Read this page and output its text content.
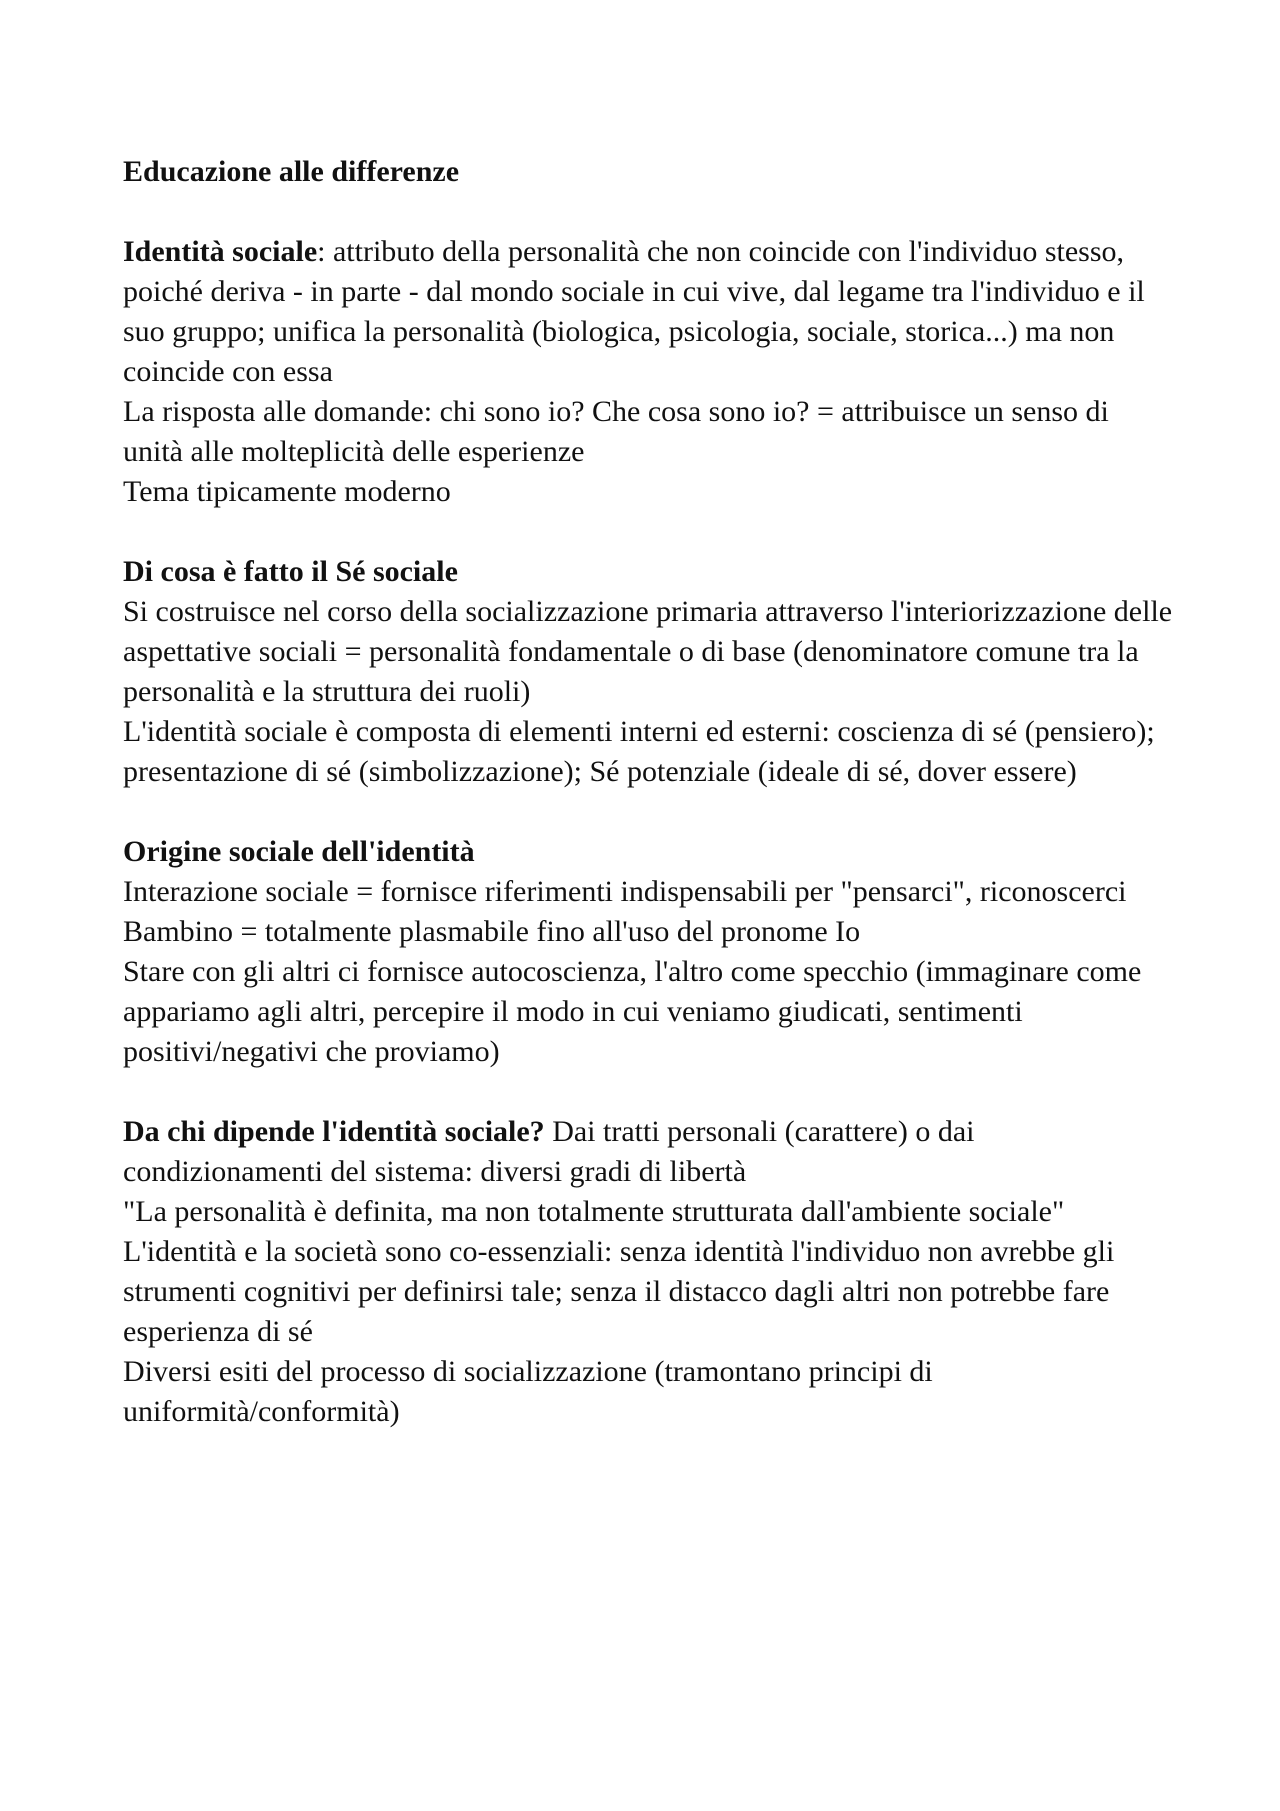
Educazione alle differenze

Identità sociale: attributo della personalità che non coincide con l'individuo stesso, poiché deriva - in parte - dal mondo sociale in cui vive, dal legame tra l'individuo e il suo gruppo; unifica la personalità (biologica, psicologia, sociale, storica...) ma non coincide con essa

La risposta alle domande: chi sono io? Che cosa sono io? = attribuisce un senso di unità alle molteplicità delle esperienze

Tema tipicamente moderno

Di cosa è fatto il Sé sociale

Si costruisce nel corso della socializzazione primaria attraverso l'interiorizzazione delle aspettative sociali = personalità fondamentale o di base (denominatore comune tra la personalità e la struttura dei ruoli)

L'identità sociale è composta di elementi interni ed esterni: coscienza di sé (pensiero); presentazione di sé (simbolizzazione); Sé potenziale (ideale di sé, dover essere)

Origine sociale dell'identità

Interazione sociale = fornisce riferimenti indispensabili per "pensarci", riconoscerci

Bambino = totalmente plasmabile fino all'uso del pronome Io

Stare con gli altri ci fornisce autocoscienza, l'altro come specchio (immaginare come appariamo agli altri, percepire il modo in cui veniamo giudicati, sentimenti positivi/negativi che proviamo)

Da chi dipende l'identità sociale? Dai tratti personali (carattere) o dai condizionamenti del sistema: diversi gradi di libertà

"La personalità è definita, ma non totalmente strutturata dall'ambiente sociale"

L'identità e la società sono co-essenziali: senza identità l'individuo non avrebbe gli strumenti cognitivi per definirsi tale; senza il distacco dagli altri non potrebbe fare esperienza di sé

Diversi esiti del processo di socializzazione (tramontano principi di uniformità/conformità)
